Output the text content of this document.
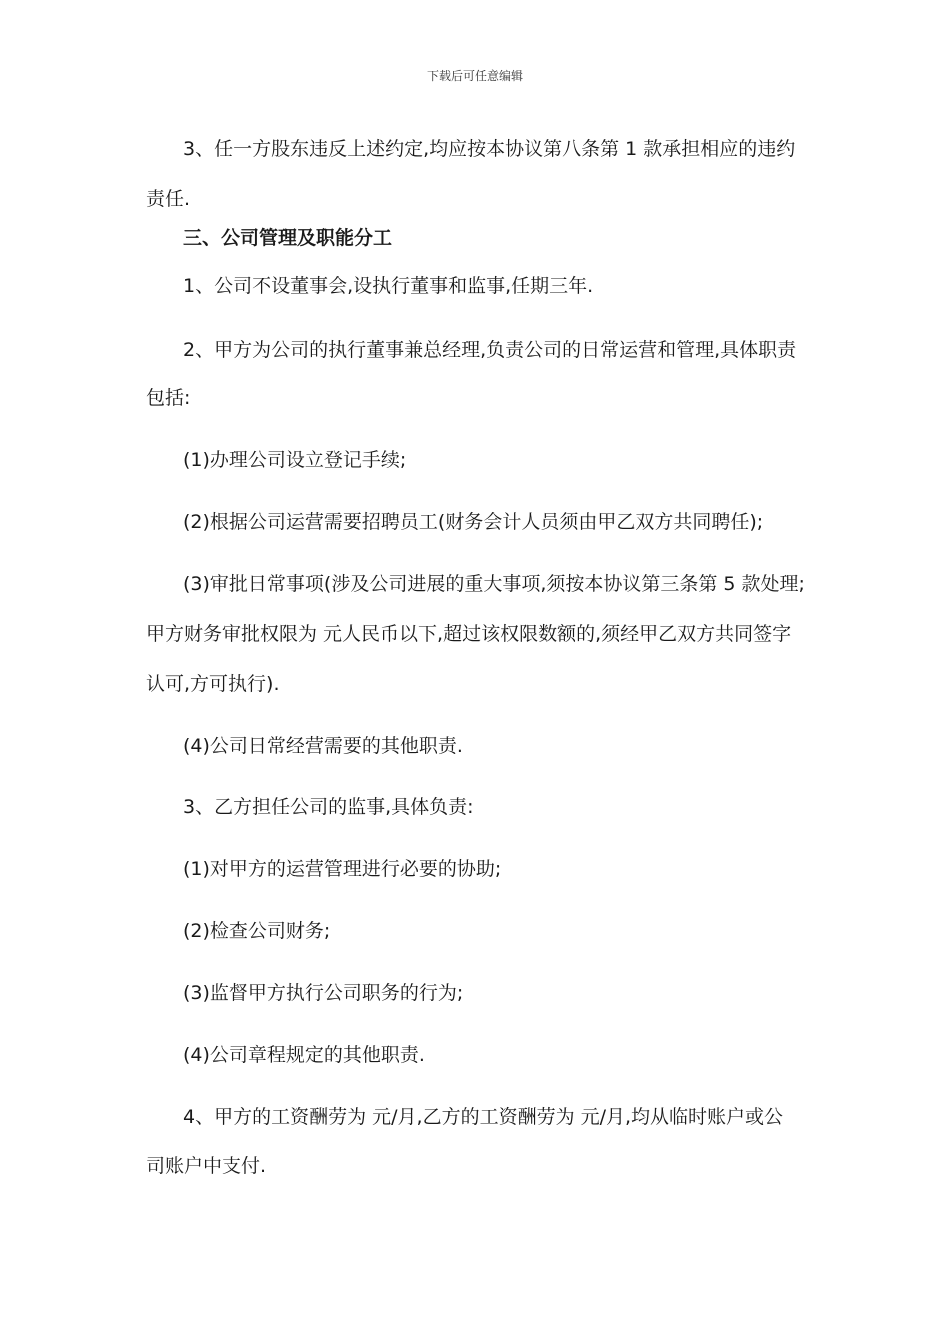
下载后可任意编辑
3、任一方股东违反上述约定,均应按本协议第八条第 1 款承担相应的违约
责任.
三、公司管理及职能分工
1、公司不设董事会,设执行董事和监事,任期三年.
2、甲方为公司的执行董事兼总经理,负责公司的日常运营和管理,具体职责
包括:
(1)办理公司设立登记手续;
(2)根据公司运营需要招聘员工(财务会计人员须由甲乙双方共同聘任);
(3)审批日常事项(涉及公司进展的重大事项,须按本协议第三条第 5 款处理;
甲方财务审批权限为 元人民币以下,超过该权限数额的,须经甲乙双方共同签字
认可,方可执行).
(4)公司日常经营需要的其他职责.
3、乙方担任公司的监事,具体负责:
(1)对甲方的运营管理进行必要的协助;
(2)检查公司财务;
(3)监督甲方执行公司职务的行为;
(4)公司章程规定的其他职责.
4、甲方的工资酬劳为 元/月,乙方的工资酬劳为 元/月,均从临时账户或公
司账户中支付.
